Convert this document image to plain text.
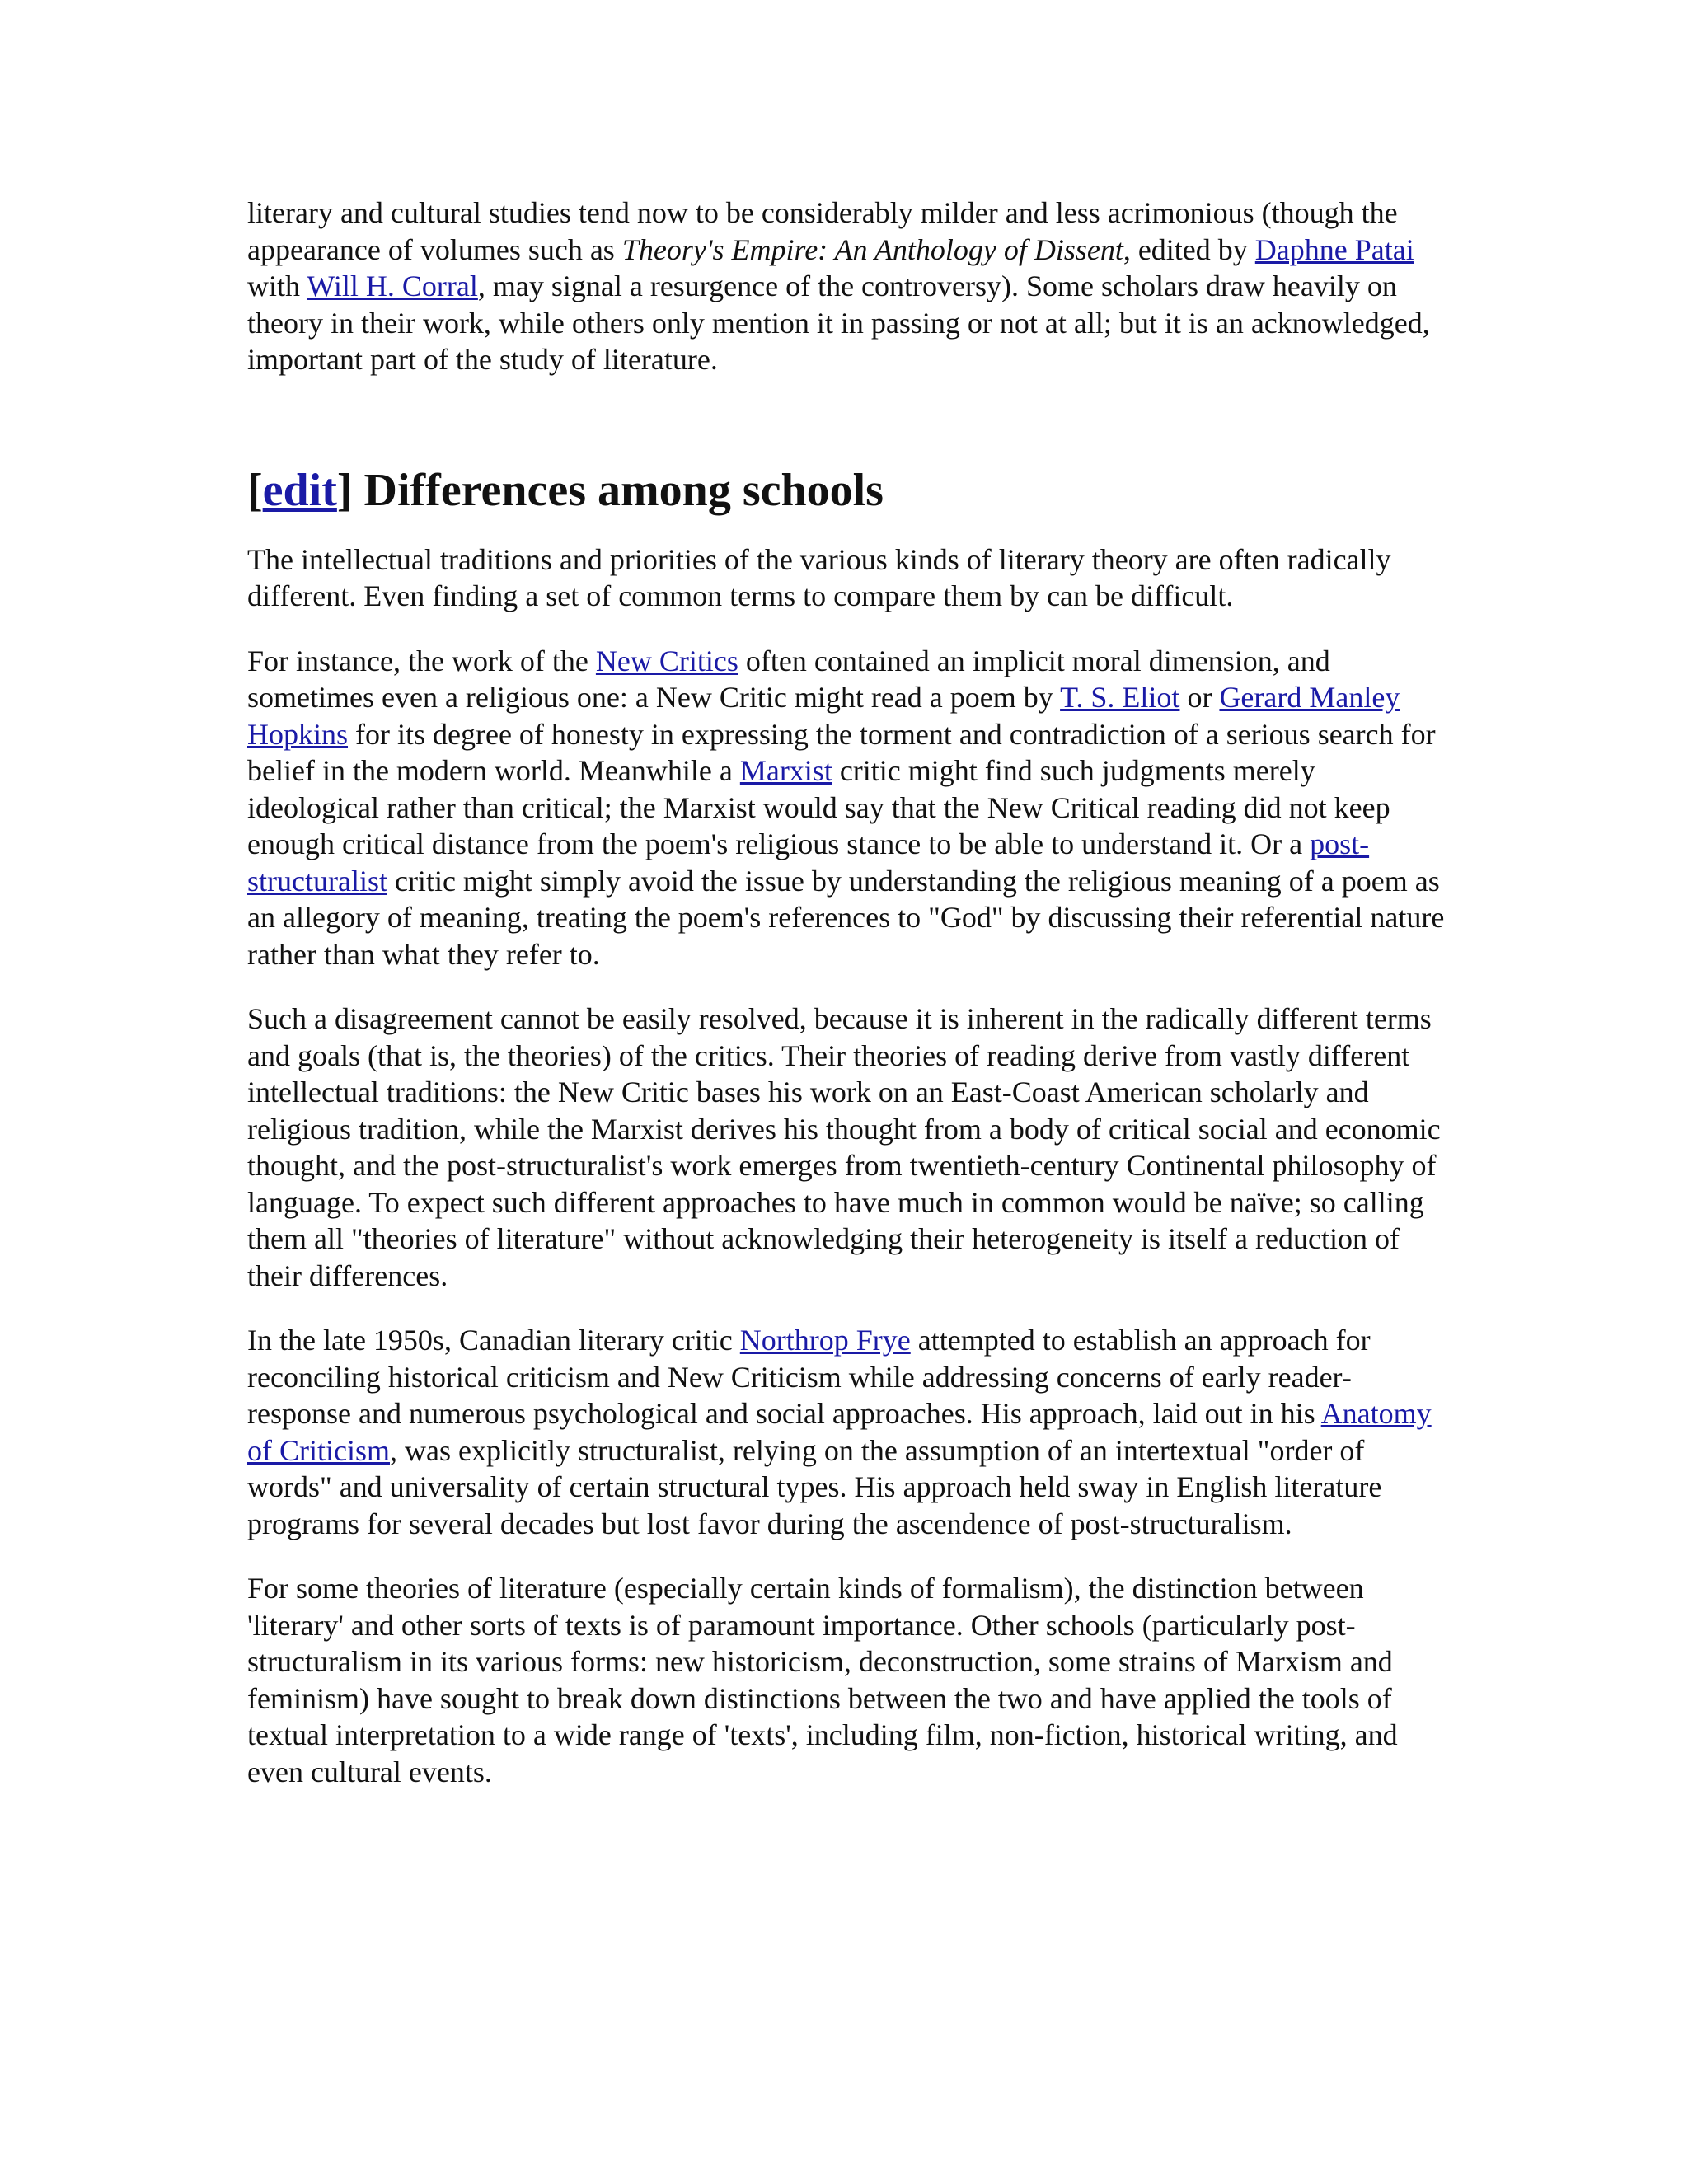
literary and cultural studies tend now to be considerably milder and less acrimonious (though the appearance of volumes such as Theory's Empire: An Anthology of Dissent, edited by Daphne Patai with Will H. Corral, may signal a resurgence of the controversy). Some scholars draw heavily on theory in their work, while others only mention it in passing or not at all; but it is an acknowledged, important part of the study of literature.

[edit] Differences among schools

The intellectual traditions and priorities of the various kinds of literary theory are often radically different. Even finding a set of common terms to compare them by can be difficult.

For instance, the work of the New Critics often contained an implicit moral dimension, and sometimes even a religious one: a New Critic might read a poem by T. S. Eliot or Gerard Manley Hopkins for its degree of honesty in expressing the torment and contradiction of a serious search for belief in the modern world. Meanwhile a Marxist critic might find such judgments merely ideological rather than critical; the Marxist would say that the New Critical reading did not keep enough critical distance from the poem's religious stance to be able to understand it. Or a post-structuralist critic might simply avoid the issue by understanding the religious meaning of a poem as an allegory of meaning, treating the poem's references to "God" by discussing their referential nature rather than what they refer to.

Such a disagreement cannot be easily resolved, because it is inherent in the radically different terms and goals (that is, the theories) of the critics. Their theories of reading derive from vastly different intellectual traditions: the New Critic bases his work on an East-Coast American scholarly and religious tradition, while the Marxist derives his thought from a body of critical social and economic thought, and the post-structuralist's work emerges from twentieth-century Continental philosophy of language. To expect such different approaches to have much in common would be naïve; so calling them all "theories of literature" without acknowledging their heterogeneity is itself a reduction of their differences.

In the late 1950s, Canadian literary critic Northrop Frye attempted to establish an approach for reconciling historical criticism and New Criticism while addressing concerns of early reader-response and numerous psychological and social approaches. His approach, laid out in his Anatomy of Criticism, was explicitly structuralist, relying on the assumption of an intertextual "order of words" and universality of certain structural types. His approach held sway in English literature programs for several decades but lost favor during the ascendence of post-structuralism.

For some theories of literature (especially certain kinds of formalism), the distinction between 'literary' and other sorts of texts is of paramount importance. Other schools (particularly post-structuralism in its various forms: new historicism, deconstruction, some strains of Marxism and feminism) have sought to break down distinctions between the two and have applied the tools of textual interpretation to a wide range of 'texts', including film, non-fiction, historical writing, and even cultural events.
